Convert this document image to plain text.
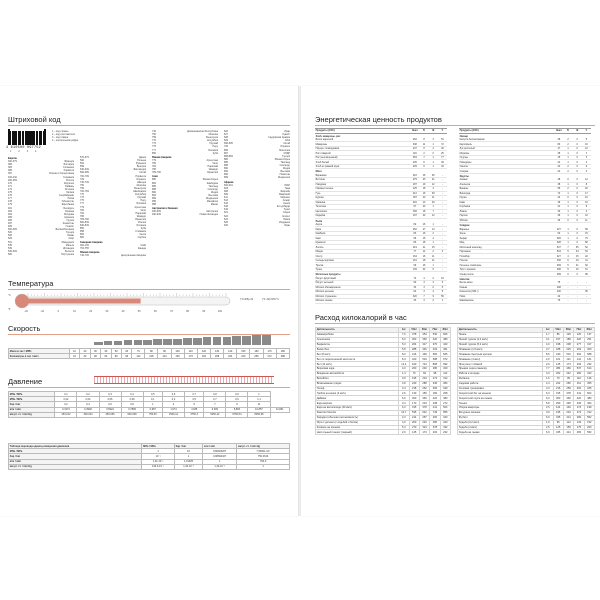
Штриховой код
4 610500 097752
1	2	3	4
1 – код страны
2 – код изготовителя
3 – код товара
4 – контрольная цифра
Европа
300-379	Франция
380	Болгария
383	Словения
385	Хорватия
387	Босния и Герцеговина
400-440	Германия
460-469	Россия
470	Киргизия
471	Тайвань
474	Эстония
475	Латвия
476	Азербайджан
477	Литва
478	Узбекистан
479	Шри-Ланка
481	Беларусь
482	Украина
484	Молдова
485	Армения
486	Грузия
487	Казахстан
489	Гонконг
500-509	Великобритания
520	Греция
528	Ливан
529	Кипр
531	Македония
535	Мальта
539	Ирландия
540-549	Бельгия
560	Португалия
570-579	Дания
590	Польша
594	Румыния
599	Венгрия
640-649	Финляндия
690-695	Китай
700-709	Норвегия
729	Израиль
730-739	Швеция
750	Мексика
759	Венесуэла
760-769	Швейцария
770	Колумбия
773	Уругвай
775	Перу
777	Боливия
779	Аргентина
780	Чили
784	Парагвай
786	Эквадор
789-790	Бразилия
800-839	Италия
840-849	Испания
850	Куба
858	Словакия
859	Чехия
860	Сербия
Северная Америка
000-139	США
754-755	Канада
Южная Америка
740-745	Центральная Америка
746	Доминиканская Республика
750	Мексика
759	Венесуэла
770	Колумбия
773	Уругвай
775	Перу
777	Боливия
850	Куба
Южная Америка
779	Аргентина
780	Чили
784	Парагвай
786	Эквадор
789-790	Бразилия
Азия
880	Южная Корея
884	Камбоджа
885	Таиланд
888	Сингапур
890	Индия
893	Вьетнам
899	Индонезия
955	Малайзия
958	Макао
Австралия и Океания
930-939	Австралия
940-949	Новая Зеландия
626	Иран
627	Кувейт
628	Саудовская Аравия
629	ОАЭ
690-695	Китай
729	Израиль
865	Монголия
867	КНДР
868-869	Турция
880	Южная Корея
885	Таиланд
888	Сингапур
890	Индия
893	Вьетнам
896	Пакистан
899	Индонезия
Африка
600-601	ЮАР
603	Гана
608	Бахрейн
609	Маврикий
611	Марокко
613	Алжир
616	Кения
618	Кот-д'Ивуар
619	Тунис
621	Сирия
622	Египет
624	Ливия
625	Иордания
626	Иран
Температура
°C
°F
(°C×9/5)+32	(°F−32)×5/9=°C
-20	-10	0	10	20	30	40	50	60	70	80	90	100
Скорость
Мили в час / MPH	10	20	30	40	50	60	70	80	90	100	110	120	130	140	150	160	170	180
Километры в час / км/ч	16	32	48	64	80	96	112	128	144	160	176	192	208	224	240	256	272	288
Давление
МПа / MPa	0,1	0,2	0,3	0,4	0,5	0,6	0,7	0,8	0,9	1	
МПа / MPa	0,02	0,04	0,06	0,08	0,1	0,2	0,5	0,7	0,9	1,1	
бар / bar	0,2	0,4	0,6	0,8	1	2	5	7	9	11	
атм / atm	0,1974	0,3948	0,5922	0,7896	0,987	1,974	4,935	6,909	8,883	10,857	12,831
мм рт. ст. / mm Hg	150,012	300,024	450,036	600,048	750,06	1500,12	3750,3	5250,42	6750,54	8250,66	
Таблица перевода единиц измерения давления	МПа / MPa	бар / bar	атм / atm	мм рт. ст. / mm Hg
МПа / MPa	1	10	9,86923267	7,50061⋅10³
бар / bar	10⁻¹	1	0,98692327	750,0616
атм / atm	1,01⋅10⁻¹	1,01325	1	760,0
мм рт. ст. / mm Hg	133,3⋅10⁻⁶	1,33⋅10⁻³	1,32⋅10⁻³	1
Энергетическая ценность продуктов
Продукты (100г)	Ккал	Б	Ж	У
Хлеб, макароны, рис				
Батон нарезной	262	8	3	51
Макароны	338	11	1	72
Пицца с помидорами	247	8	4	40
Рис отварной	116	2	0	25
Рис (неочищенный)	354	7	1	77
Хлеб белый	235	8	1	49
Хлеб из ржаной муки	229	6	1	43
Мясо				
Баранина	316	16	25	-
Ветчина	279	23	21	-
Говядина	187	19	12	-
Говяжья печень	125	18	4	-
Гусь	412	16	39	-
Курица	187	20	11	-
Свинина	491	12	49	-
Телятина	97	20	1	-
Цыплёнок	156	18	7	-
Индейка	197	22	12	-
Рыба				
Акула	82	16	1	-
Икра	252	27	13	-
Камбала	83	16	2	-
Карп	96	16	4	-
Креветки	83	18	1	-
Лосось	219	21	15	-
Мидии	77	12	2	3
Осетр	164	16	11	-
Сельдь морская	161	18	11	-
Треска	69	16	1	-
Тунец	139	22	5	-
Молочные продукты				
Йогурт фруктовый	74	4	2	16
Йогурт цельный	60	3	3	5
Молоко обезжиренное	34	3	0	5
Молоко цельное	64	3	4	5
Молоко сгущенное	320	7	9	56
Молоко соевое	33	3	2	1
Продукты (100г)	Ккал	Б	Ж	У
Овощи				
Капуста белокочанная	28	2	0	5
Картофель	80	2	0	16
Лук репчатый	47	1	0	10
Морковь	35	1	0	7
Огурцы	15	1	0	3
Помидоры	24	1	0	4
Свекла	42	2	0	9
Спаржа	22	2	0	3
Фрукты				
Ананас	48	0	0	12
Апельсин	38	1	0	8
Бананы	95	2	0	22
Виноград	72	1	0	17
Груша	42	0	0	10
Киви	48	1	0	10
Клубника	41	1	0	8
Лимон	33	1	0	3
Персик	46	1	0	10
Яблоко	46	0	0	11
Сладкое				
Варенье	227	1	0	59
Желе	60	1	0	15
Зефир	326	1	0	79
Мёд	328	1	0	80
Молочный шоколад	547	7	35	52
Пирожное	544	5	34	54
Пломбир	227	4	15	22
Пончик	336	6	16	41
Печенье сливочное	469	5	21	62
Торт с кремом	408	5	16	61
Сахар-песок	399	0	0	99
Напитки				
Белое вино	75	-	-	-
Коньяк	248	-	-	-
Кока-кола (330 г)	130	-	-	35
Пиво	42	-	-	-
Шампанское	76	-	-	-
Расход килокалорий в час
Деятельность	1кг	50кг	60кг	70кг	80кг
Аквааэробика	7,6	378	454	530	606
Альпинизм	6,0	300	360	420	480
Бадминтон	5,3	264	317	370	423
Баскетбол	5,8	288	346	403	461
Бег (8 км/ч)	8,3	416	499	582	665
Бег по пересеченной местности	8,4	420	504	588	672
Бег (12 км/ч)	12,4	620	744	868	992
Верховая езда	4,0	200	240	280	320
Вождение автомобиля	1,4	70	84	98	112
Волейбол	3,9	195	234	273	312
Вскапывание грядок	4,8	240	288	336	384
Гольф	4,4	218	262	305	349
Гребля на каноэ (4 км/ч)	2,6	130	156	182	208
Дайвинг	6,0	300	360	420	480
Езда верхом	3,4	170	204	238	272
Езда на велосипеде (20 км/ч)	6,3	315	378	441	504
Занятия боксом	10,7	535	642	749	856
Зарядка (обычная интенсивность)	4,3	214	257	300	343
Игра с детьми (с ходьбой и бегом)	4,0	200	240	280	320
Катание на коньках	5,4	270	324	378	432
Настольный теннис (парный)	2,9	145	174	203	232
Деятельность	1кг	50кг	60кг	70кг	80кг
Пение	1,7	86	103	120	137
Пеший туризм (4,2 км/ч)	3,1	157	189	220	251
Пеший туризм (5,2 км/ч)	4,0	198	238	277	317
Плавание (1,6 км/ч)	3,7	188	225	263	300
Плавание быстрым кролем	8,6	430	516	602	688
Плавание (4 км/ч)	2,0	101	121	141	161
Прогулка с собакой	2,9	145	174	203	232
Прыжки через скакалку	7,7	384	460	537	614
Работа в огороде	4,0	202	242	282	323
Рыбалка	1,6	79	95	110	126
Садовая работа	4,4	222	266	311	355
Силовая тренировка	4,3	216	259	302	345
Скоростной бег на коньках	6,3	315	378	441	504
Скоростной спуск на лыжах	6,0	300	360	420	480
Теннис	5,8	290	348	406	464
Уборка квартиры	2,5	124	149	174	199
Фигурное катание	3,9	195	234	273	312
Футбол	6,9	345	414	483	552
Ходьба (3,2 км/ч)	1,9	95	114	133	152
Ходьба (4 км/ч)	2,5	125	150	175	200
Ходьба на лыжах	6,9	345	414	483	552
